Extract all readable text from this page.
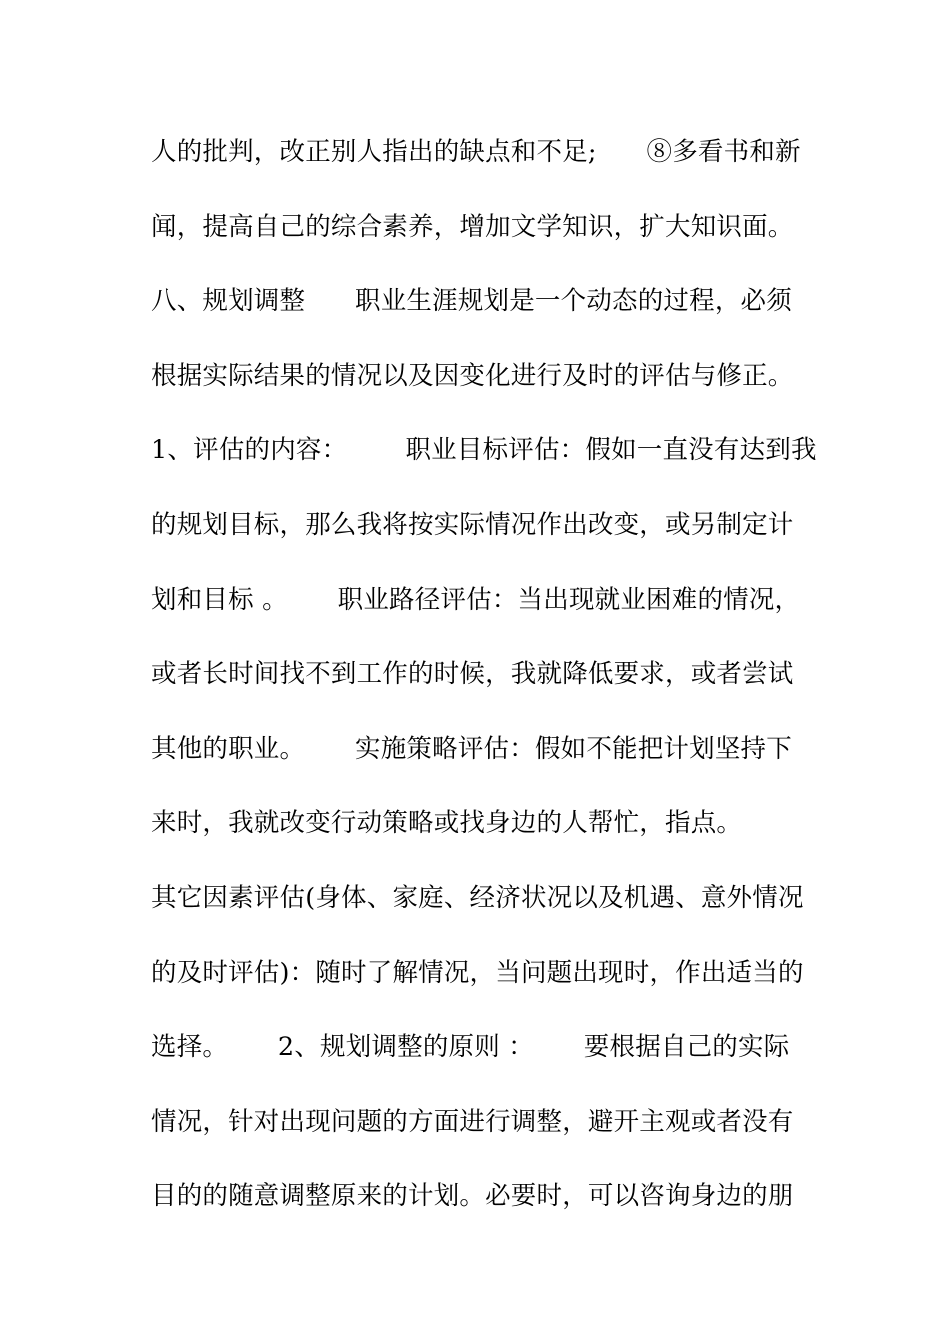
人的批判，改正别人指出的缺点和不足;      ⑧多看书和新
闻，提高自己的综合素养，增加文学知识，扩大知识面。
八、规划调整      职业生涯规划是一个动态的过程，必须
根据实际结果的情况以及因变化进行及时的评估与修正。
1、评估的内容：       职业目标评估：假如一直没有达到我
的规划目标，那么我将按实际情况作出改变，或另制定计
划和目标 。      职业路径评估：当出现就业困难的情况，
或者长时间找不到工作的时候，我就降低要求，或者尝试
其他的职业。      实施策略评估：假如不能把计划坚持下
来时，我就改变行动策略或找身边的人帮忙，指点。
其它因素评估(身体、家庭、经济状况以及机遇、意外情况
的及时评估)：随时了解情况，当问题出现时，作出适当的
选择。      2、规划调整的原则 ：      要根据自己的实际
情况，针对出现问题的方面进行调整，避开主观或者没有
目的的随意调整原来的计划。必要时，可以咨询身边的朋
